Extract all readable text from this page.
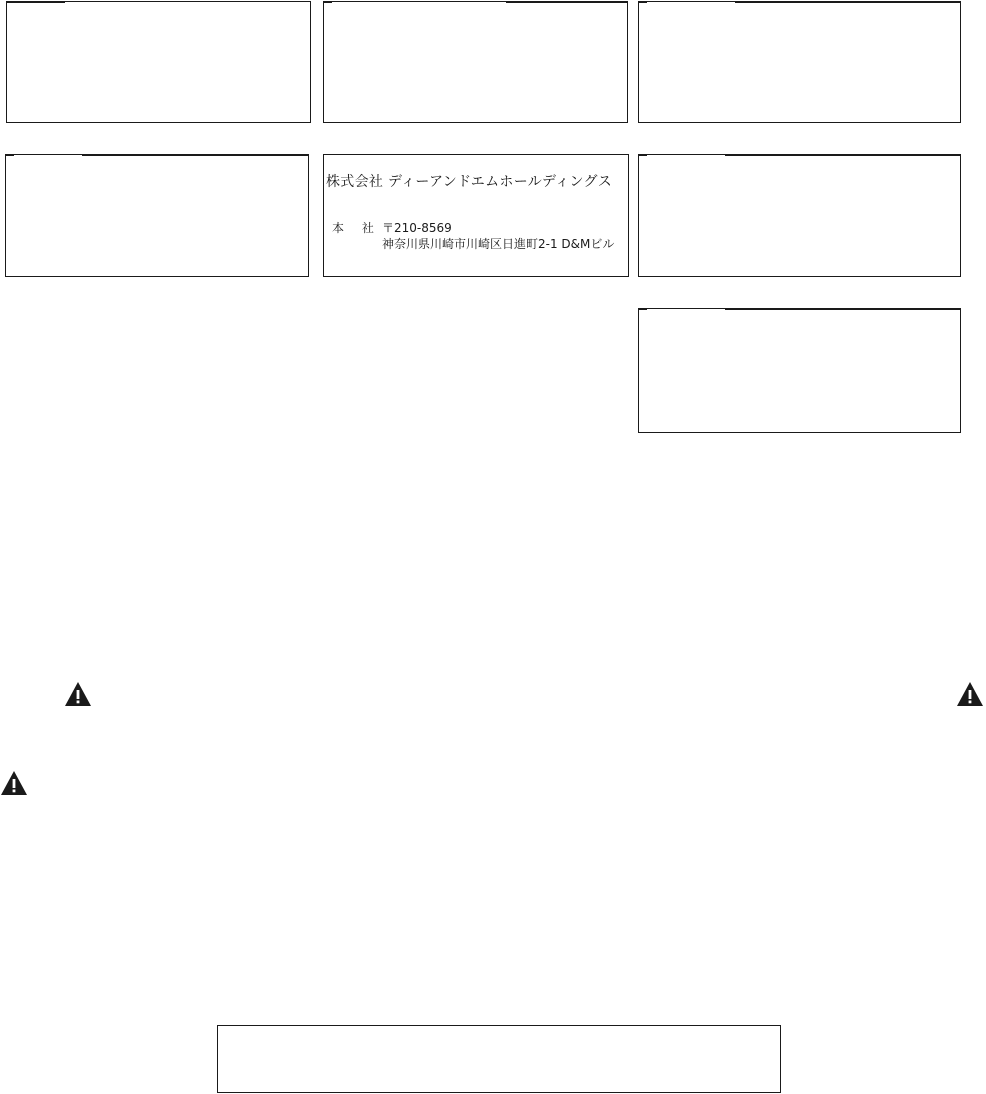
株式会社 ディーアンドエムホールディングス
本 社 〒210-8569
神奈川県川崎市川崎区日進町2-1 D&Mビル
